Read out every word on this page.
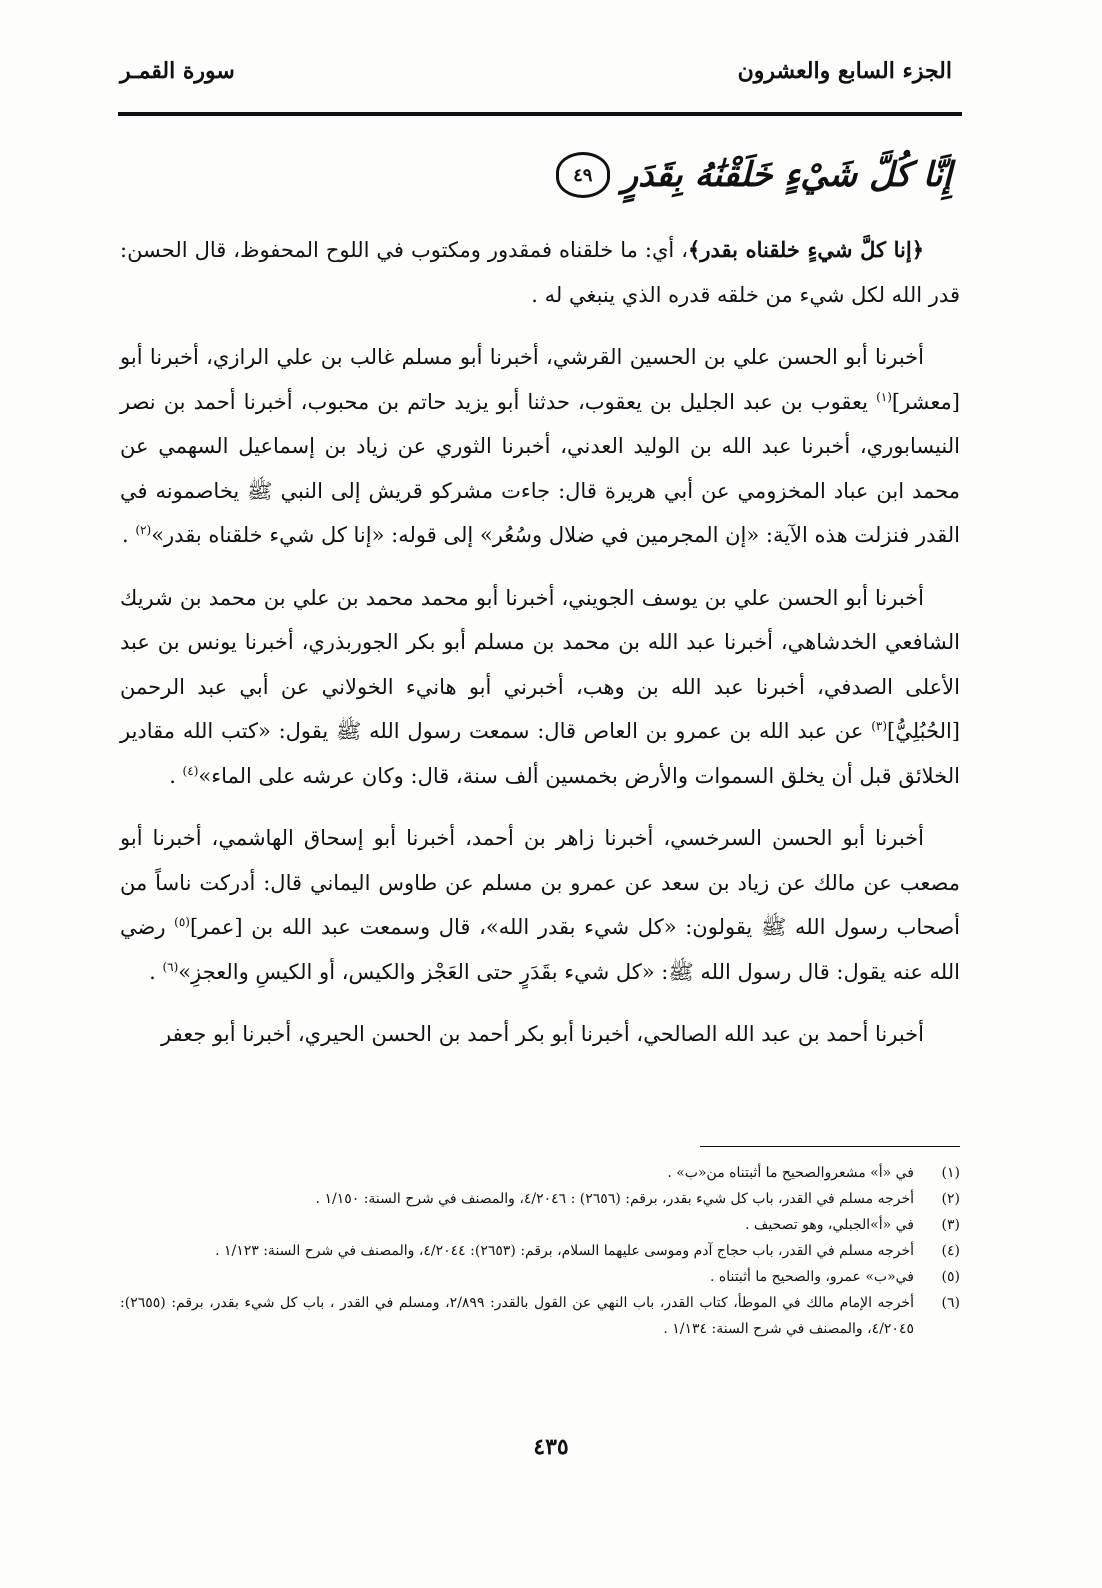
الجزء السابع والعشرون
سورة القمـر
إِنَّا كُلَّ شَيْءٍ خَلَقْنَٰهُ بِقَدَرٍ
٤٩

﴿إنا كلَّ شيءٍ خلقناه بقدر﴾، أي: ما خلقناه فمقدور ومكتوب في اللوح المحفوظ، قال الحسن: قدر الله لكل شيء من خلقه قدره الذي ينبغي له .

أخبرنا أبو الحسن علي بن الحسين القرشي، أخبرنا أبو مسلم غالب بن علي الرازي، أخبرنا أبو [معشر]$^{(١)}$ يعقوب بن عبد الجليل بن يعقوب، حدثنا أبو يزيد حاتم بن محبوب، أخبرنا أحمد بن نصر النيسابوري، أخبرنا عبد الله بن الوليد العدني، أخبرنا الثوري عن زياد بن إسماعيل السهمي عن محمد ابن عباد المخزومي عن أبي هريرة قال: جاءت مشركو قريش إلى النبي ﷺ يخاصمونه في القدر فنزلت هذه الآية: «إن المجرمين في ضلال وسُعُر» إلى قوله: «إنا كل شيء خلقناه بقدر»$^{(٢)}$ .

أخبرنا أبو الحسن علي بن يوسف الجويني، أخبرنا أبو محمد محمد بن علي بن محمد بن شريك الشافعي الخدشاهي، أخبرنا عبد الله بن محمد بن مسلم أبو بكر الجوربذري، أخبرنا يونس بن عبد الأعلى الصدفي، أخبرنا عبد الله بن وهب، أخبرني أبو هانيء الخولاني عن أبي عبد الرحمن [الحُبُلِيُّ]$^{(٣)}$ عن عبد الله بن عمرو بن العاص قال: سمعت رسول الله ﷺ يقول: «كتب الله مقادير الخلائق قبل أن يخلق السموات والأرض بخمسين ألف سنة، قال: وكان عرشه على الماء»$^{(٤)}$ .

أخبرنا أبو الحسن السرخسي، أخبرنا زاهر بن أحمد، أخبرنا أبو إسحاق الهاشمي، أخبرنا أبو مصعب عن مالك عن زياد بن سعد عن عمرو بن مسلم عن طاوس اليماني قال: أدركت ناساً من أصحاب رسول الله ﷺ يقولون: «كل شيء بقدر الله»، قال وسمعت عبد الله بن [عمر]$^{(٥)}$ رضي الله عنه يقول: قال رسول الله ﷺ: «كل شيء بقَدَرٍ حتى العَجْز والكيس، أو الكيسِ والعجزِ»$^{(٦)}$ .

أخبرنا أحمد بن عبد الله الصالحي، أخبرنا أبو بكر أحمد بن الحسن الحيري، أخبرنا أبو جعفر

(١)
في «أ» مشعروالصحيح ما أثبتناه من«ب» .
(٢)
أخرجه مسلم في القدر، باب كل شيء بقدر، برقم: (٢٦٥٦) : ٤/٢٠٤٦، والمصنف في شرح السنة: ١/١٥٠ .
(٣)
في «أ»الجبلي، وهو تصحيف .
(٤)
أخرجه مسلم في القدر، باب حجاج آدم وموسى عليهما السلام، برقم: (٢٦٥٣): ٤/٢٠٤٤، والمصنف في شرح السنة: ١/١٢٣ .
(٥)
في«ب» عمرو، والصحيح ما أثبتناه .
(٦)
أخرجه الإمام مالك في الموطأ، كتاب القدر، باب النهي عن القول بالقدر: ٢/٨٩٩، ومسلم في القدر ، باب كل شيء بقدر، برقم: (٢٦٥٥): ٤/٢٠٤٥، والمصنف في شرح السنة: ١/١٣٤ .
٤٣٥
